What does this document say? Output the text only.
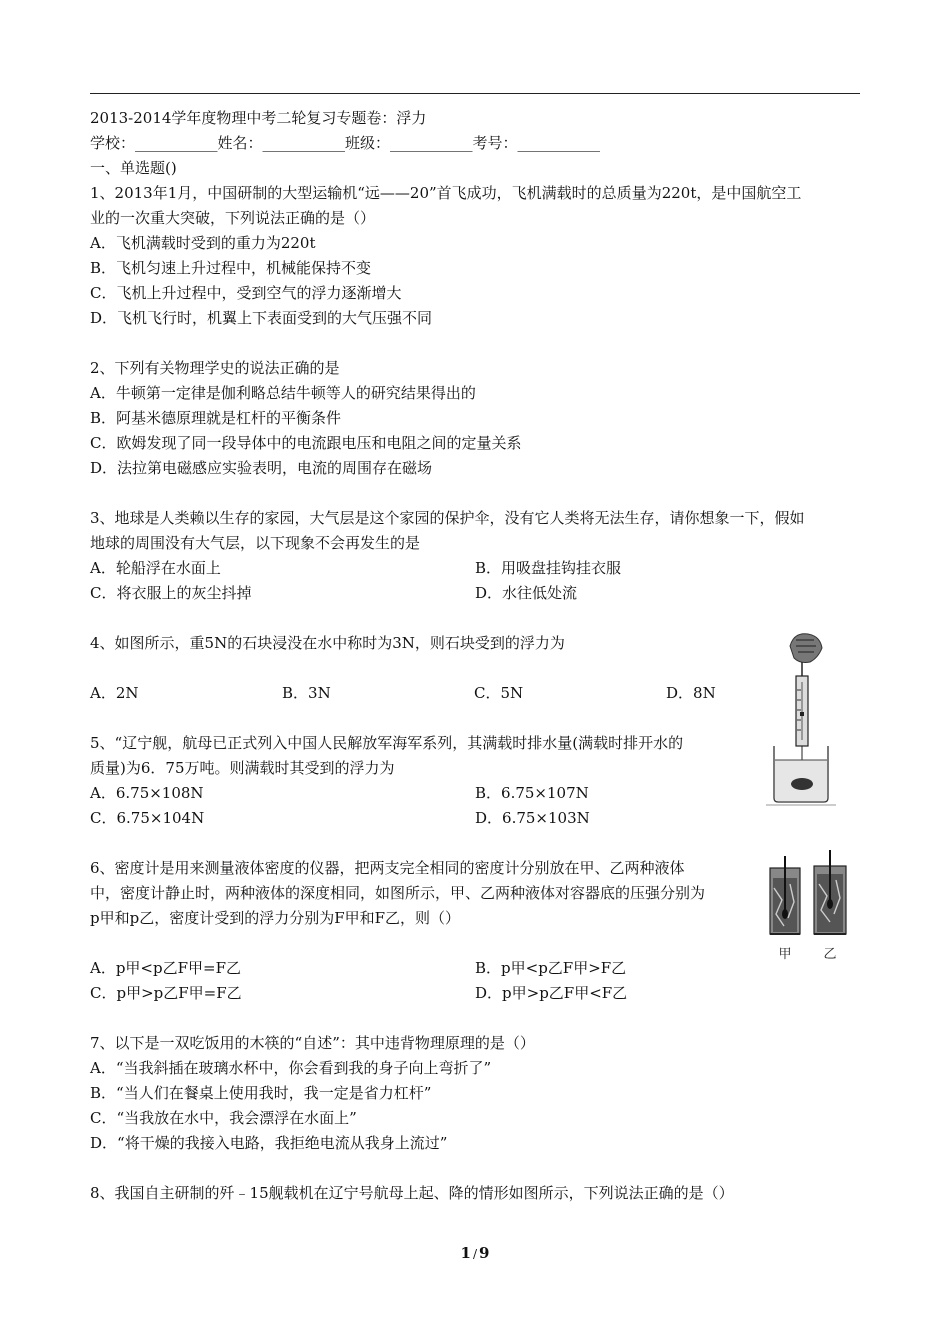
2013-2014学年度物理中考二轮复习专题卷：浮力
学校：___________姓名：___________班级：___________考号：___________
一、单选题()
1、2013年1月，中国研制的大型运输机“远——20”首飞成功，飞机满载时的总质量为220t，是中国航空工
业的一次重大突破，下列说法正确的是（）
A．飞机满载时受到的重力为220t
B．飞机匀速上升过程中，机械能保持不变
C．飞机上升过程中，受到空气的浮力逐渐增大
D．飞机飞行时，机翼上下表面受到的大气压强不同
2、下列有关物理学史的说法正确的是
A．牛顿第一定律是伽利略总结牛顿等人的研究结果得出的
B．阿基米德原理就是杠杆的平衡条件
C．欧姆发现了同一段导体中的电流跟电压和电阻之间的定量关系
D．法拉第电磁感应实验表明，电流的周围存在磁场
3、地球是人类赖以生存的家园，大气层是这个家园的保护伞，没有它人类将无法生存，请你想象一下，假如
地球的周围没有大气层，以下现象不会再发生的是
A．轮船浮在水面上	B．用吸盘挂钩挂衣服
C．将衣服上的灰尘抖掉	D．水往低处流
4、如图所示，重5N的石块浸没在水中称时为3N，则石块受到的浮力为
A．2N	B．3N	C．5N	D．8N
5、“辽宁舰，航母已正式列入中国人民解放军海军系列，其满载时排水量(满载时排开水的
质量)为6．75万吨。则满载时其受到的浮力为
A．6.75×108N	B．6.75×107N
C．6.75×104N	D．6.75×103N
6、密度计是用来测量液体密度的仪器，把两支完全相同的密度计分别放在甲、乙两种液体
中，密度计静止时，两种液体的深度相同，如图所示，甲、乙两种液体对容器底的压强分别为
p甲和p乙，密度计受到的浮力分别为F甲和F乙，则（）
A．p甲<p乙F甲=F乙	B．p甲<p乙F甲>F乙
C．p甲>p乙F甲=F乙	D．p甲>p乙F甲<F乙
7、以下是一双吃饭用的木筷的“自述”：其中违背物理原理的是（）
A．“当我斜插在玻璃水杯中，你会看到我的身子向上弯折了”
B．“当人们在餐桌上使用我时，我一定是省力杠杆”
C．“当我放在水中，我会漂浮在水面上”
D．“将干燥的我接入电路，我拒绝电流从我身上流过”
8、我国自主研制的歼﹣15舰载机在辽宁号航母上起、降的情形如图所示，下列说法正确的是（）
甲 乙
1 / 9
